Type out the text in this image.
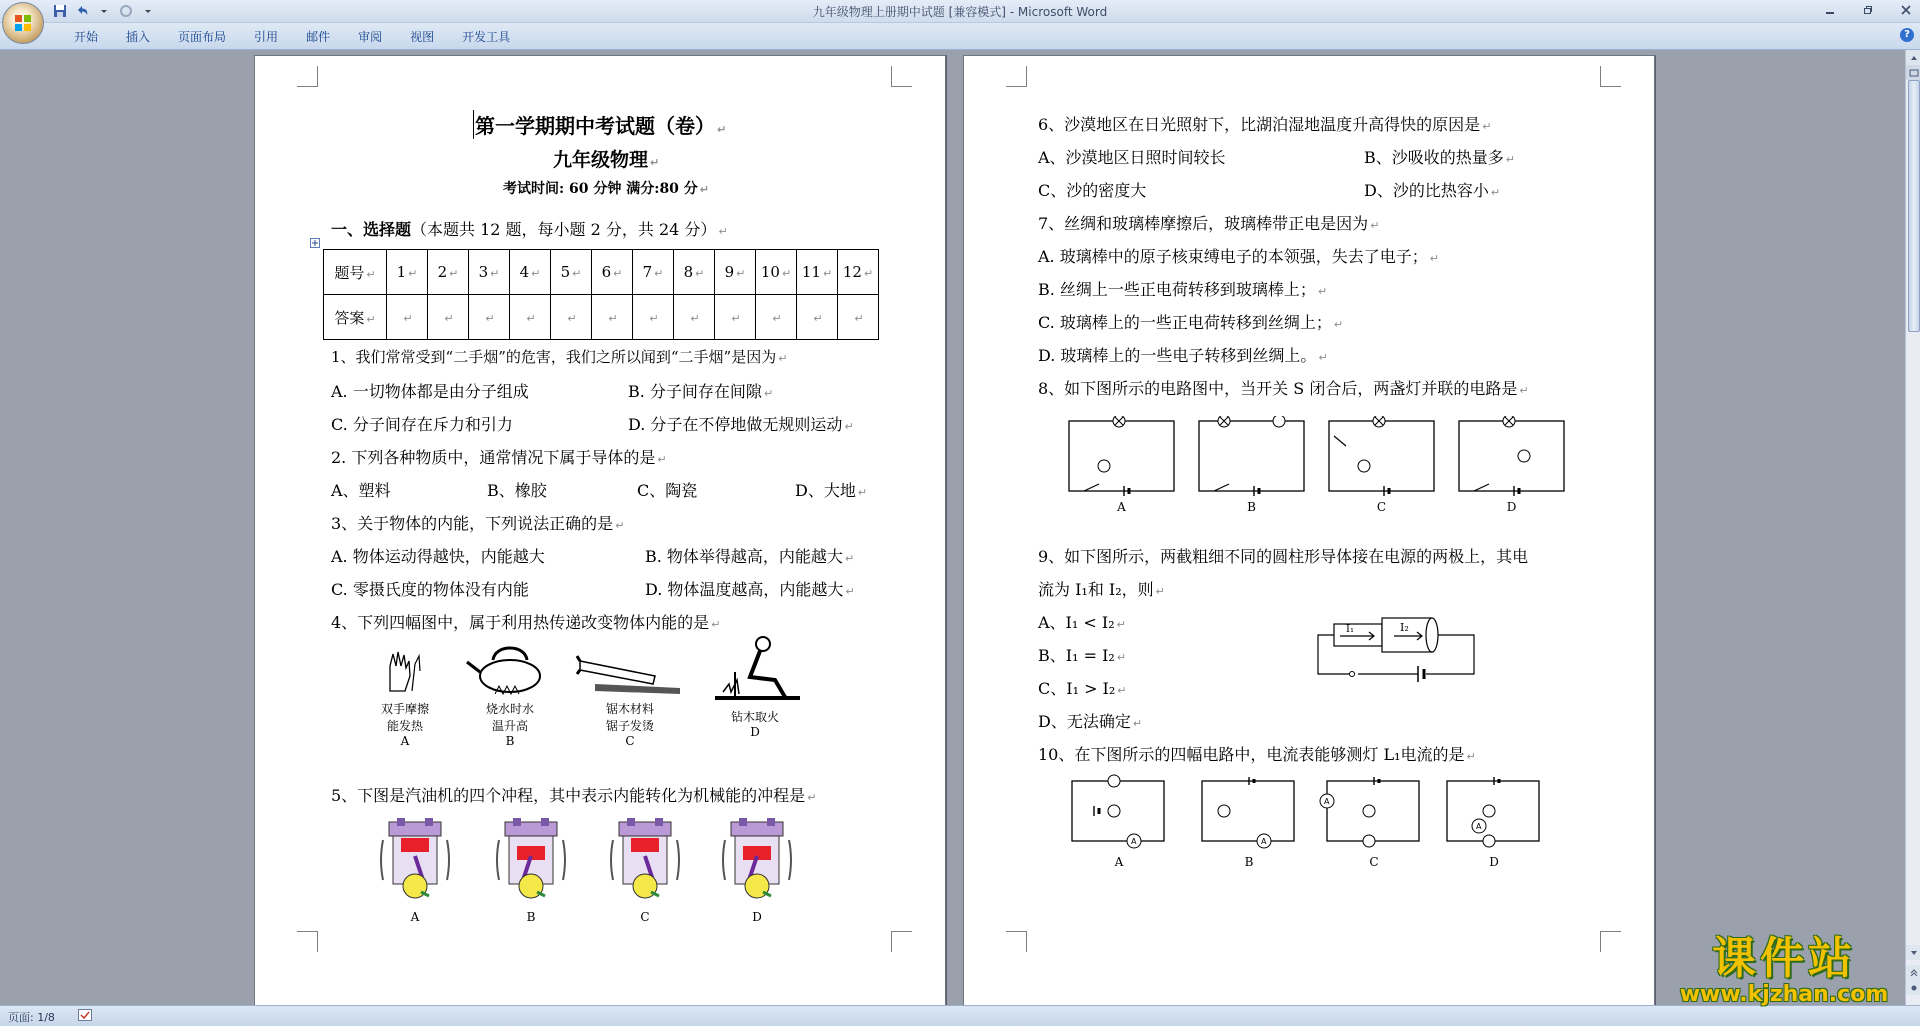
九年级物理上册期中试题 [兼容模式] - Microsoft Word
开始	插入	页面布局	引用	邮件	审阅	视图	开发工具	?
第一学期期中考试题（卷） ↵
九年级物理 ↵
考试时间: 60 分钟 满分:80 分 ↵
一、选择题（本题共 12 题，每小题 2 分，共 24 分） ↵
题号 ↵	1 ↵	2 ↵	3 ↵	4 ↵	5 ↵	6 ↵	7 ↵	8 ↵	9 ↵	10 ↵	11 ↵	12 ↵
答案 ↵	↵	↵	↵	↵	↵	↵	↵	↵	↵	↵	↵	↵
1、我们常常受到“二手烟”的危害，我们之所以闻到“二手烟”是因为 ↵
A. 一切物体都是由分子组成	B. 分子间存在间隙 ↵
C. 分子间存在斥力和引力	D. 分子在不停地做无规则运动 ↵
2. 下列各种物质中，通常情况下属于导体的是 ↵
A、塑料	B、橡胶	C、陶瓷	D、大地 ↵
3、关于物体的内能，下列说法正确的是 ↵
A. 物体运动得越快，内能越大	B. 物体举得越高，内能越大 ↵
C. 零摄氏度的物体没有内能	D. 物体温度越高，内能越大 ↵
4、下列四幅图中，属于利用热传递改变物体内能的是 ↵
双手摩擦
能发热
A
烧水时水
温升高
B
锯木材料
锯子发烫
C
钻木取火
D
5、下图是汽油机的四个冲程，其中表示内能转化为机械能的冲程是 ↵
A	B	C	D
6、沙漠地区在日光照射下，比湖泊湿地温度升高得快的原因是 ↵
A、沙漠地区日照时间较长	B、沙吸收的热量多 ↵
C、沙的密度大	D、沙的比热容小 ↵
7、丝绸和玻璃棒摩擦后，玻璃棒带正电是因为 ↵
A. 玻璃棒中的原子核束缚电子的本领强，失去了电子； ↵
B. 丝绸上一些正电荷转移到玻璃棒上； ↵
C. 玻璃棒上的一些正电荷转移到丝绸上； ↵
D. 玻璃棒上的一些电子转移到丝绸上。 ↵
8、如下图所示的电路图中，当开关 S 闭合后，两盏灯并联的电路是 ↵
A	B	C	D
9、如下图所示，两截粗细不同的圆柱形导体接在电源的两极上，其电
流为 I₁和 I₂，则 ↵
A、I₁ < I₂ ↵
B、I₁ = I₂ ↵
C、I₁ > I₂ ↵
D、无法确定 ↵
I₁	I₂
10、在下图所示的四幅电路中，电流表能够测灯 L₁电流的是 ↵
A
A
A
B
A
C
A
D
页面: 1/8
课件站
www.kjzhan.com
